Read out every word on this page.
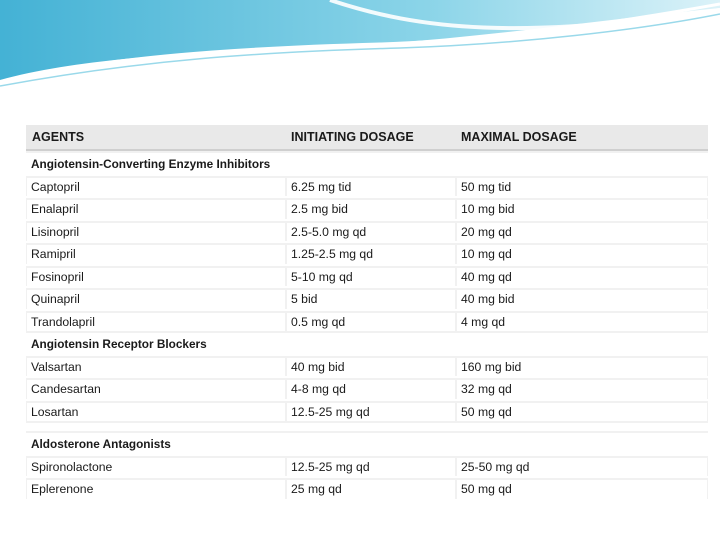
AGENTS	INITIATING DOSAGE	MAXIMAL DOSAGE
Angiotensin-Converting Enzyme Inhibitors
Captopril	6.25 mg tid	50 mg tid
Enalapril	2.5 mg bid	10 mg bid
Lisinopril	2.5-5.0 mg qd	20 mg qd
Ramipril	1.25-2.5 mg qd	10 mg qd
Fosinopril	5-10 mg qd	40 mg qd
Quinapril	5 bid	40 mg bid
Trandolapril	0.5 mg qd	4 mg qd
Angiotensin Receptor Blockers
Valsartan	40 mg bid	160 mg bid
Candesartan	4-8 mg qd	32 mg qd
Losartan	12.5-25 mg qd	50 mg qd
Aldosterone Antagonists
Spironolactone	12.5-25 mg qd	25-50 mg qd
Eplerenone	25 mg qd	50 mg qd
